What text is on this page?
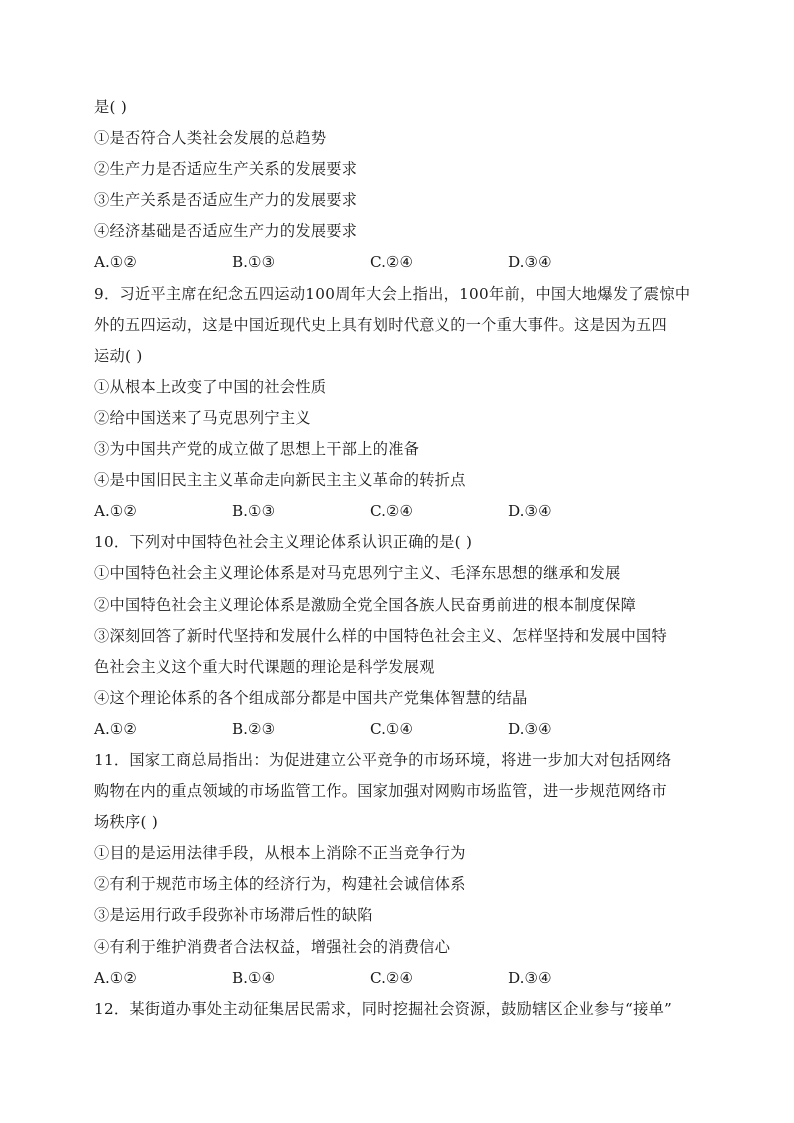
是( )
①是否符合人类社会发展的总趋势
②生产力是否适应生产关系的发展要求
③生产关系是否适应生产力的发展要求
④经济基础是否适应生产力的发展要求
A.①②	B.①③	C.②④	D.③④
9．习近平主席在纪念五四运动100周年大会上指出，100年前，中国大地爆发了震惊中
外的五四运动，这是中国近现代史上具有划时代意义的一个重大事件。这是因为五四
运动( )
①从根本上改变了中国的社会性质
②给中国送来了马克思列宁主义
③为中国共产党的成立做了思想上干部上的准备
④是中国旧民主主义革命走向新民主主义革命的转折点
A.①②	B.①③	C.②④	D.③④
10．下列对中国特色社会主义理论体系认识正确的是( )
①中国特色社会主义理论体系是对马克思列宁主义、毛泽东思想的继承和发展
②中国特色社会主义理论体系是激励全党全国各族人民奋勇前进的根本制度保障
③深刻回答了新时代坚持和发展什么样的中国特色社会主义、怎样坚持和发展中国特
色社会主义这个重大时代课题的理论是科学发展观
④这个理论体系的各个组成部分都是中国共产党集体智慧的结晶
A.①②	B.②③	C.①④	D.③④
11．国家工商总局指出：为促进建立公平竞争的市场环境，将进一步加大对包括网络
购物在内的重点领域的市场监管工作。国家加强对网购市场监管，进一步规范网络市
场秩序( )
①目的是运用法律手段，从根本上消除不正当竞争行为
②有利于规范市场主体的经济行为，构建社会诚信体系
③是运用行政手段弥补市场滞后性的缺陷
④有利于维护消费者合法权益，增强社会的消费信心
A.①②	B.①④	C.②④	D.③④
12．某街道办事处主动征集居民需求，同时挖掘社会资源，鼓励辖区企业参与“接单”
